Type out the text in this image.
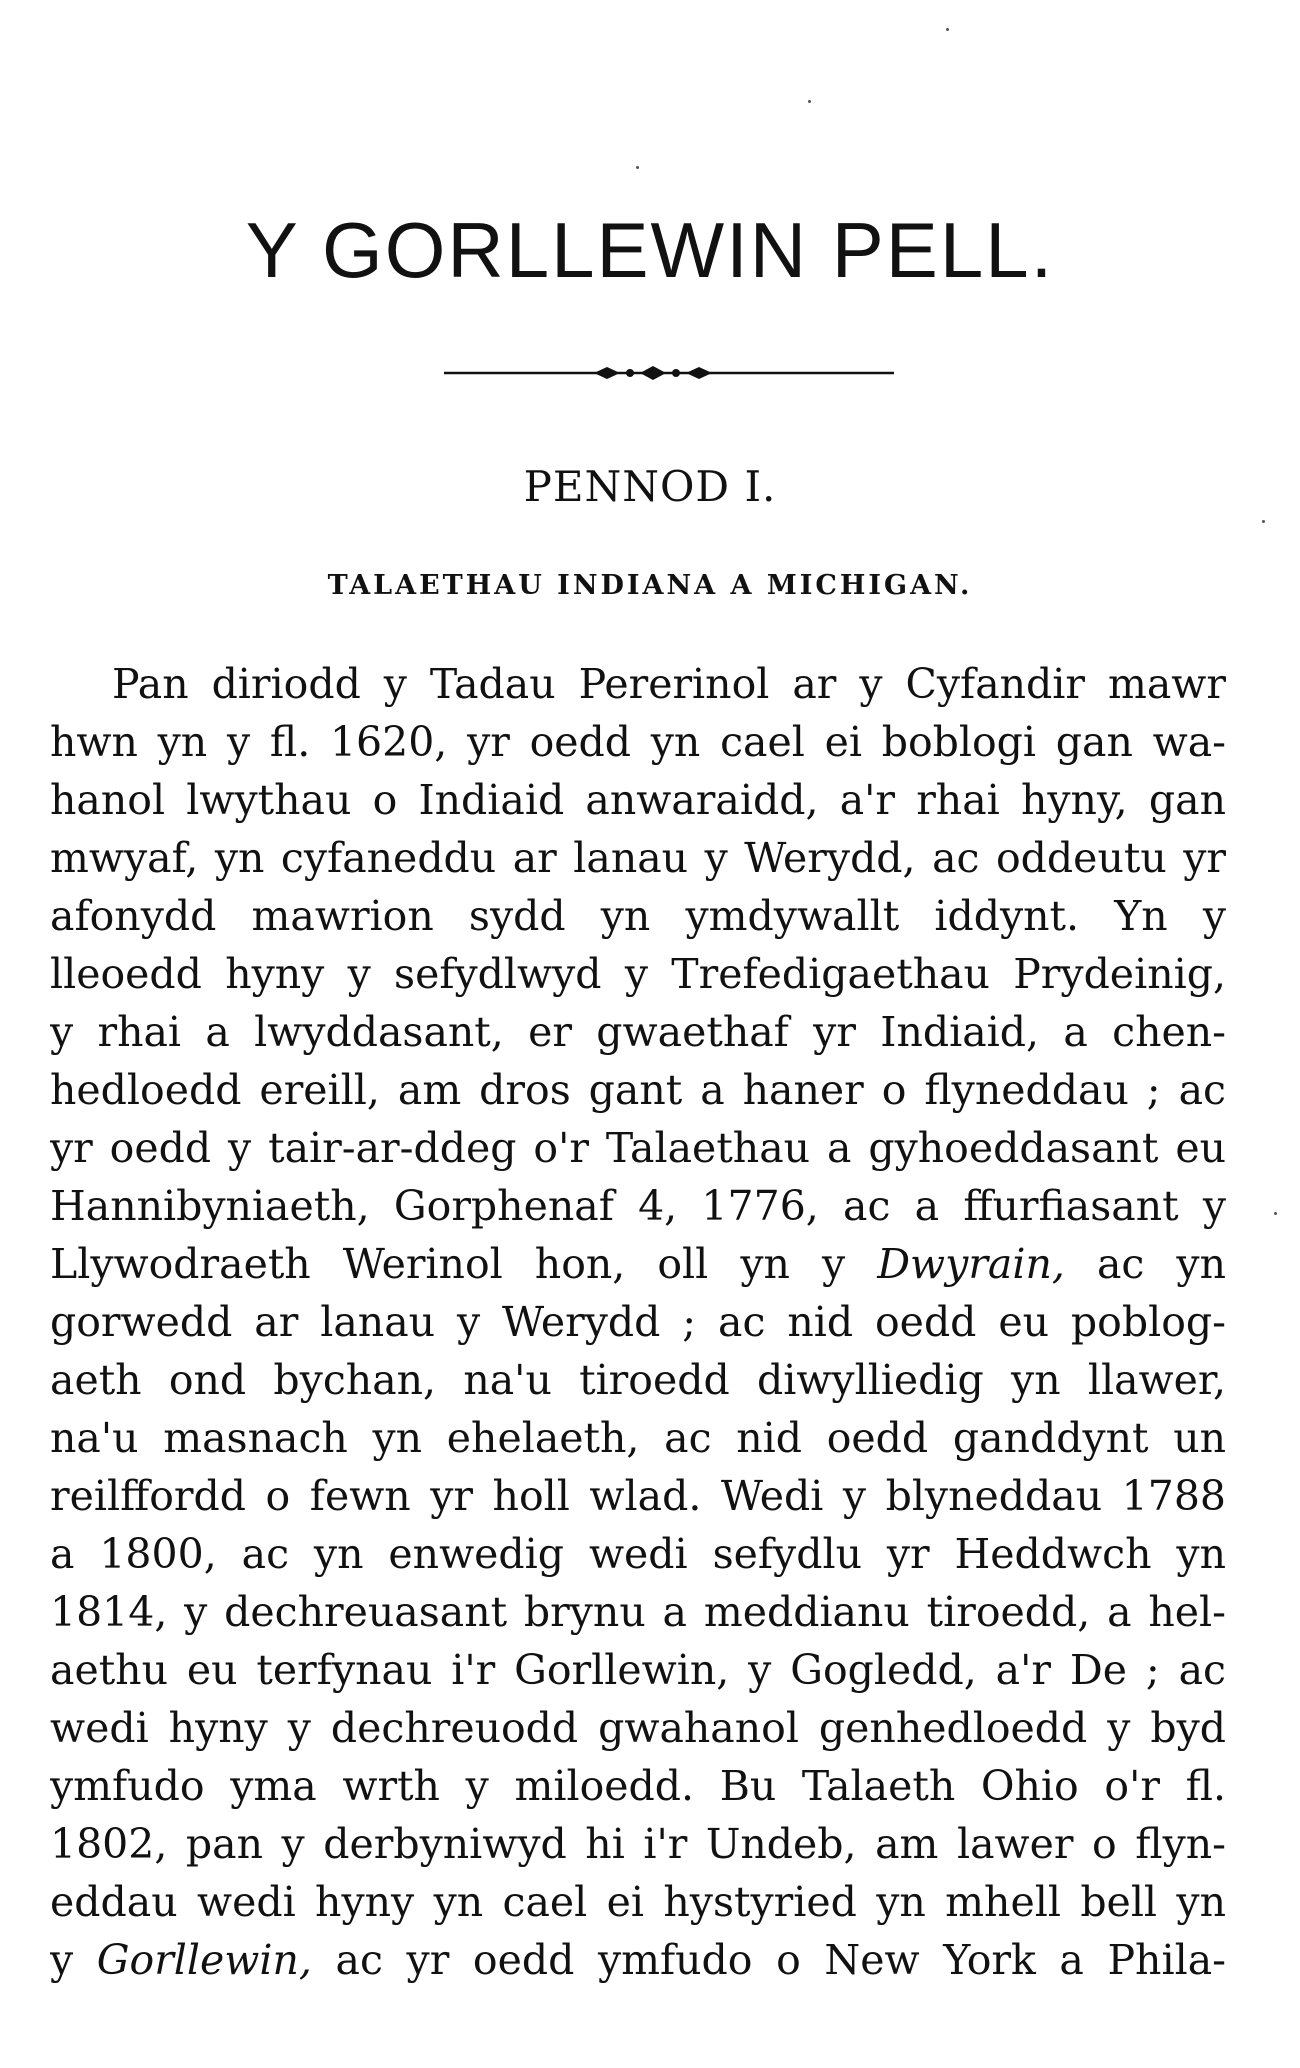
Y GORLLEWIN PELL.
PENNOD I.
TALAETHAU INDIANA A MICHIGAN.
Pan diriodd y Tadau Pererinol ar y Cyfandir mawr
hwn yn y fl. 1620, yr oedd yn cael ei boblogi gan wa-
hanol lwythau o Indiaid anwaraidd, a'r rhai hyny, gan
mwyaf, yn cyfaneddu ar lanau y Werydd, ac oddeutu yr
afonydd mawrion sydd yn ymdywallt iddynt. Yn y
lleoedd hyny y sefydlwyd y Trefedigaethau Prydeinig,
y rhai a lwyddasant, er gwaethaf yr Indiaid, a chen-
hedloedd ereill, am dros gant a haner o flyneddau ; ac
yr oedd y tair-ar-ddeg o'r Talaethau a gyhoeddasant eu
Hannibyniaeth, Gorphenaf 4, 1776, ac a ffurfiasant y
Llywodraeth Werinol hon, oll yn y Dwyrain, ac yn
gorwedd ar lanau y Werydd ; ac nid oedd eu poblog-
aeth ond bychan, na'u tiroedd diwylliedig yn llawer,
na'u masnach yn ehelaeth, ac nid oedd ganddynt un
reilffordd o fewn yr holl wlad. Wedi y blyneddau 1788
a 1800, ac yn enwedig wedi sefydlu yr Heddwch yn
1814, y dechreuasant brynu a meddianu tiroedd, a hel-
aethu eu terfynau i'r Gorllewin, y Gogledd, a'r De ; ac
wedi hyny y dechreuodd gwahanol genhedloedd y byd
ymfudo yma wrth y miloedd. Bu Talaeth Ohio o'r fl.
1802, pan y derbyniwyd hi i'r Undeb, am lawer o flyn-
eddau wedi hyny yn cael ei hystyried yn mhell bell yn
y Gorllewin, ac yr oedd ymfudo o New York a Phila-
